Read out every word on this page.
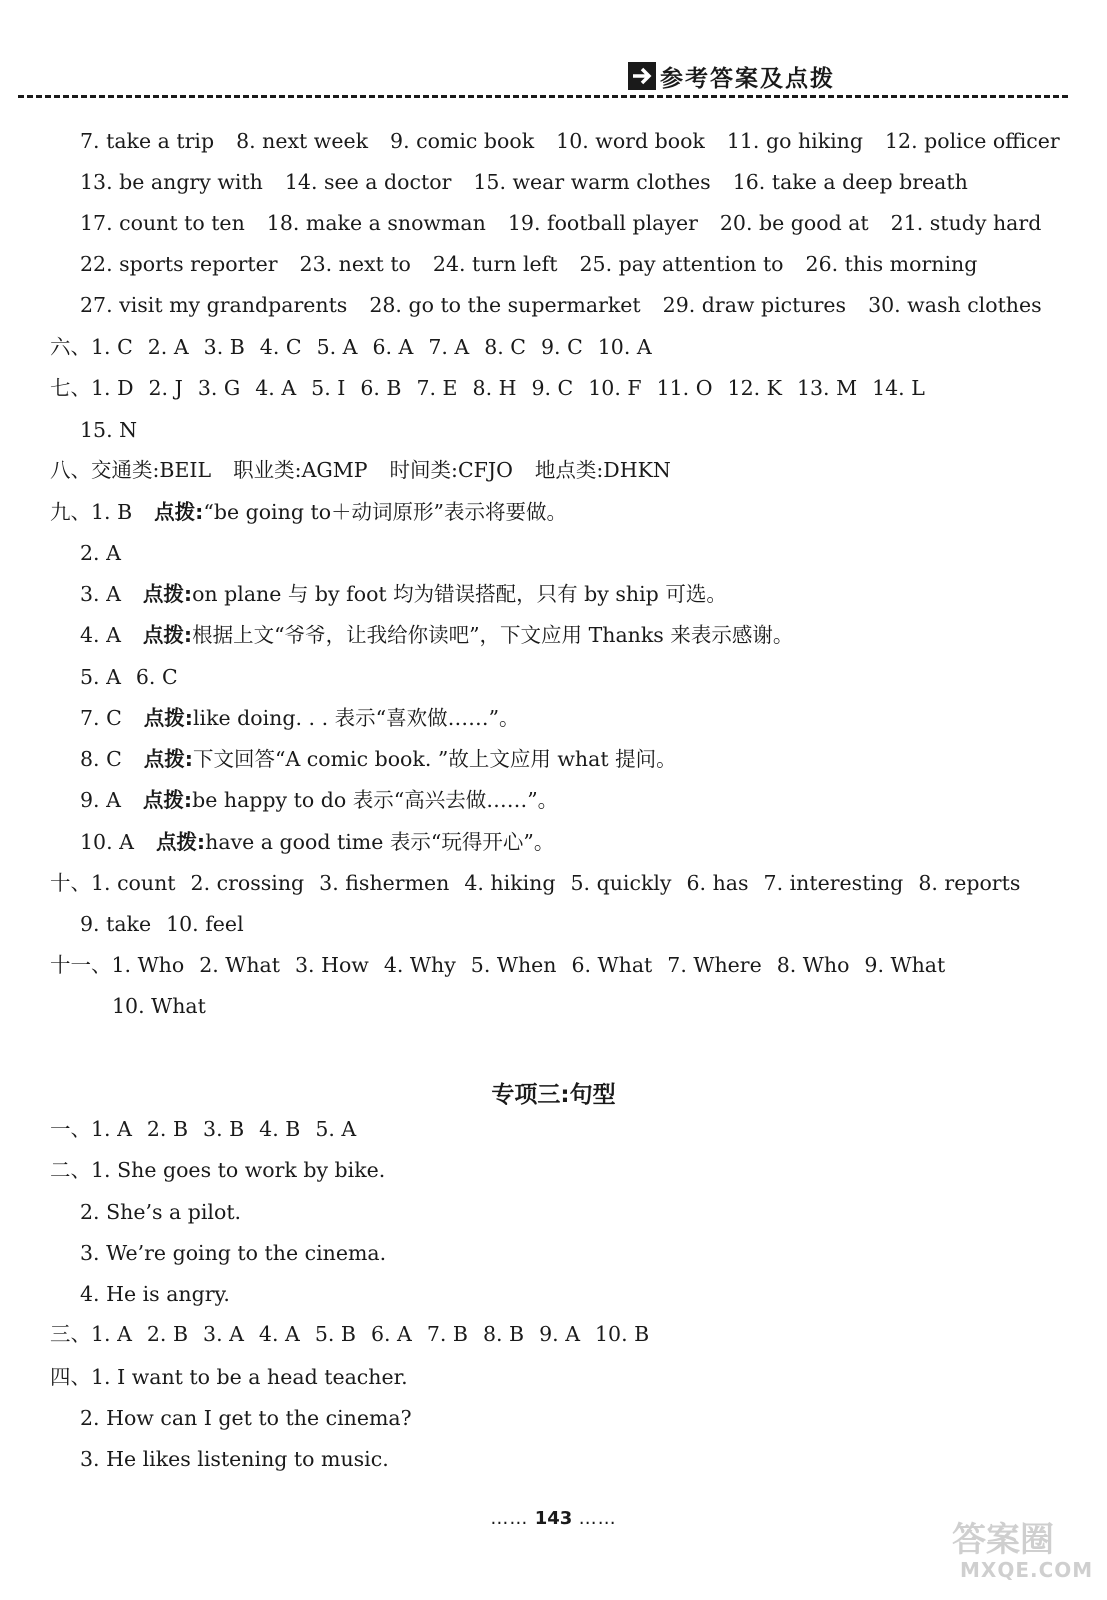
参考答案及点拨
7. take a trip 8. next week 9. comic book 10. word book 11. go hiking 12. police officer
13. be angry with 14. see a doctor 15. wear warm clothes 16. take a deep breath
17. count to ten 18. make a snowman 19. football player 20. be good at 21. study hard
22. sports reporter 23. next to 24. turn left 25. pay attention to 26. this morning
27. visit my grandparents 28. go to the supermarket 29. draw pictures 30. wash clothes
六、1. C 2. A 3. B 4. C 5. A 6. A 7. A 8. C 9. C 10. A
七、1. D 2. J 3. G 4. A 5. I 6. B 7. E 8. H 9. C 10. F 11. O 12. K 13. M 14. L
15. N
八、交通类:BEIL 职业类:AGMP 时间类:CFJO 地点类:DHKN
九、1. B 点拨:“be going to＋动词原形”表示将要做。
2. A
3. A 点拨:on plane 与 by foot 均为错误搭配，只有 by ship 可选。
4. A 点拨:根据上文“爷爷，让我给你读吧”，下文应用 Thanks 来表示感谢。
5. A 6. C
7. C 点拨:like doing. . . 表示“喜欢做……”。
8. C 点拨:下文回答“A comic book. ”故上文应用 what 提问。
9. A 点拨:be happy to do 表示“高兴去做……”。
10. A 点拨:have a good time 表示“玩得开心”。
十、1. count 2. crossing 3. fishermen 4. hiking 5. quickly 6. has 7. interesting 8. reports
9. take 10. feel
十一、1. Who 2. What 3. How 4. Why 5. When 6. What 7. Where 8. Who 9. What
10. What
专项三:句型
一、1. A 2. B 3. B 4. B 5. A
二、1. She goes to work by bike.
2. She’s a pilot.
3. We’re going to the cinema.
4. He is angry.
三、1. A 2. B 3. A 4. A 5. B 6. A 7. B 8. B 9. A 10. B
四、1. I want to be a head teacher.
2. How can I get to the cinema?
3. He likes listening to music.
…… 143 ……
答案圈
MXQE.COM
